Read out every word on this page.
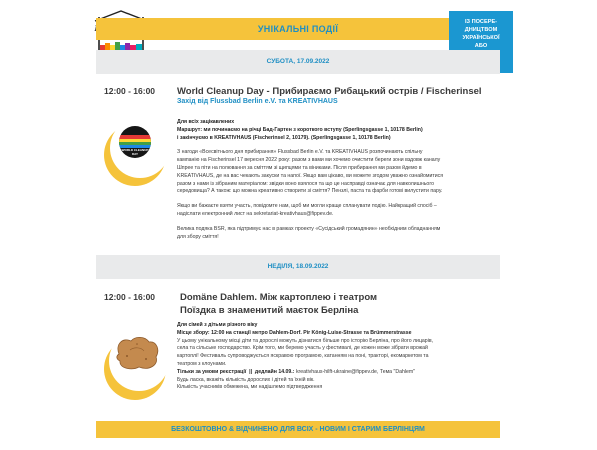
УНІКАЛЬНІ ПОДІЇ
ІЗ ПОСЕРЕ-
ДНИЦТВОМ
УКРАЇНСЬКОЇ
АБО
СУБОТА, 17.09.2022
12:00 - 16:00 World Cleanup Day - Прибираємо Рибацький острів / Fischerinsel
Захід від Flussbad Berlin e.V. та KREATIVHAUS
WORLD CLEANUP DAY

Для всіх зацікавлених

Маршрут: ми починаємо на річці Бад-Гартен з короткого вступу (Sperlingsgasse 1, 10178 Berlin)

і закінчуємо в KREATIVHAUS (Fischerinsel 2, 10179). (Sperlingsgasse 1, 10178 Berlin)

З нагоди «Всесвітнього дня прибирання» Flussbad Berlin e.V. та KREATIVHAUS розпочинають спільну

кампанію на Fischerinsel 17 вересня 2022 року: разом з вами ми хочемо очистити береги зони вздовж каналу

Шпрее та піти на полювання за сміттям зі щипцями та віниками. Після прибирання ми разом йдемо в

KREATIVHAUS, де на вас чекають закуски та напої. Якщо вам цікаво, ви можете згодом уважно ознайомитися

разом з нами із зібраним матеріалом: звідки воно взялося та що це насправді означає для навколишнього

середовища? А також: що можна креативно створити зі сміття? Пензлі, паста та фарби готові вилустити пару.

Якщо ви бажаєте взяти участь, повідомте нам, щоб ми могли краще спланувати подію. Найкращий спосіб –

надіслати електронний лист на sekretariat-kreativhaus@fippev.de.

Велика подяка BSR, яка підтримує нас в рамках проекту «Сусідський громадянин» необхідним обладнанням

для збору сміття!

НЕДІЛЯ, 18.09.2022
12:00 - 16:00	Domäne Dahlem. Між картоплею і театром
Поїздка в знаменитий маєток Берліна

Для сімей з дітьми різного віку

Місце збору: 12:00 на станції метро Dahlem-Dorf. Pir König-Luise-Strasse та Brümmerstrasse

У цьому унікальному місці діти та дорослі можуть дізнатися більше про історію Берліна, про його лицарів,

села та сільське господарство. Крім того, ми беремо участь у фестивалі, де кожен може зібрати врожай

картоплі! Фестиваль супроводжується яскравою програмою, катанням на поні, тракторі, екомаркетом та

театром з клоунами.

Тільки за умови реєстрації  ||  дедлайн 14.09.: kreativhaus-hilft-ukraine@fippev.de, Тема "Dahlem"

Будь ласка, вкажіть кількість дорослих і дітей та їхній вік.

Кількість учасників обмежена, ми надішлемо підтвердження

БЕЗКОШТОВНО & ВІДЧИНЕНО ДЛЯ ВСІХ - НОВИМ І СТАРИМ БЕРЛІНЦЯМ
